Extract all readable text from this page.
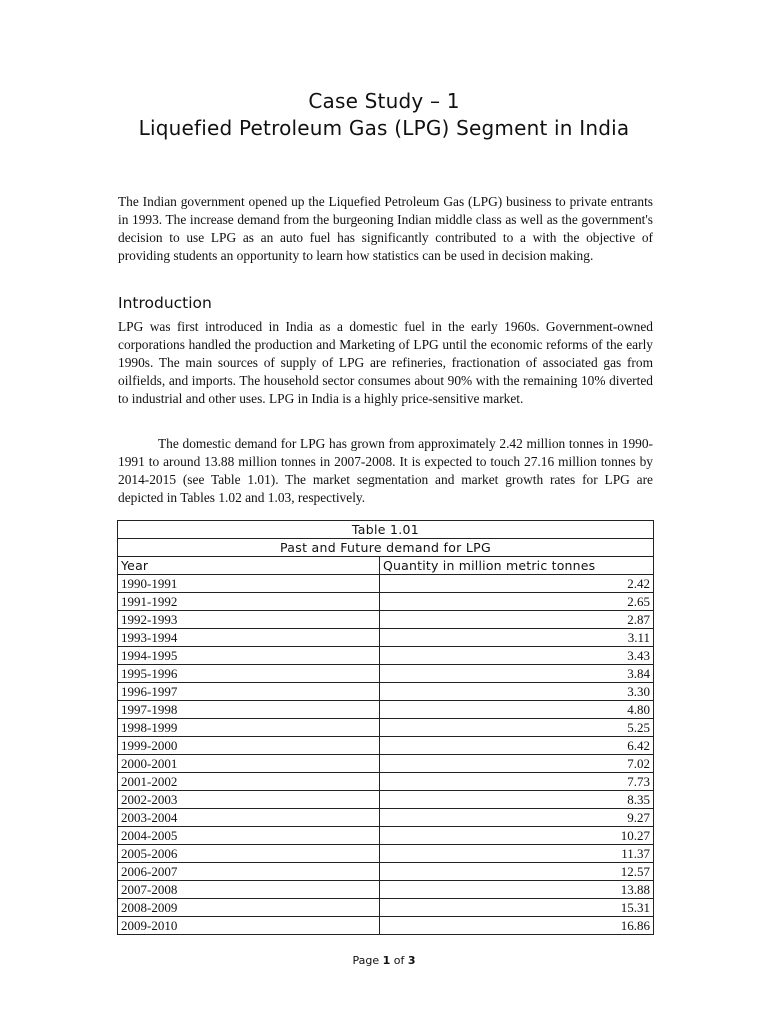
Case Study – 1
Liquefied Petroleum Gas (LPG) Segment in India

The Indian government opened up the Liquefied Petroleum Gas (LPG) business to private entrants in 1993. The increase demand from the burgeoning Indian middle class as well as the government's decision to use LPG as an auto fuel has significantly contributed to a with the objective of providing students an opportunity to learn how statistics can be used in decision making.

Introduction

LPG was first introduced in India as a domestic fuel in the early 1960s. Government-owned corporations handled the production and Marketing of LPG until the economic reforms of the early 1990s. The main sources of supply of LPG are refineries, fractionation of associated gas from oilfields, and imports. The household sector consumes about 90% with the remaining 10% diverted to industrial and other uses. LPG in India is a highly price-sensitive market.

The domestic demand for LPG has grown from approximately 2.42 million tonnes in 1990-1991 to around 13.88 million tonnes in 2007-2008. It is expected to touch 27.16 million tonnes by 2014-2015 (see Table 1.01). The market segmentation and market growth rates for LPG are depicted in Tables 1.02 and 1.03, respectively.

Table 1.01	
Past and Future demand for LPG	
Year	Quantity in million metric tonnes
1990-1991	2.42
1991-1992	2.65
1992-1993	2.87
1993-1994	3.11
1994-1995	3.43
1995-1996	3.84
1996-1997	3.30
1997-1998	4.80
1998-1999	5.25
1999-2000	6.42
2000-2001	7.02
2001-2002	7.73
2002-2003	8.35
2003-2004	9.27
2004-2005	10.27
2005-2006	11.37
2006-2007	12.57
2007-2008	13.88
2008-2009	15.31
2009-2010	16.86
Page 1 of 3
